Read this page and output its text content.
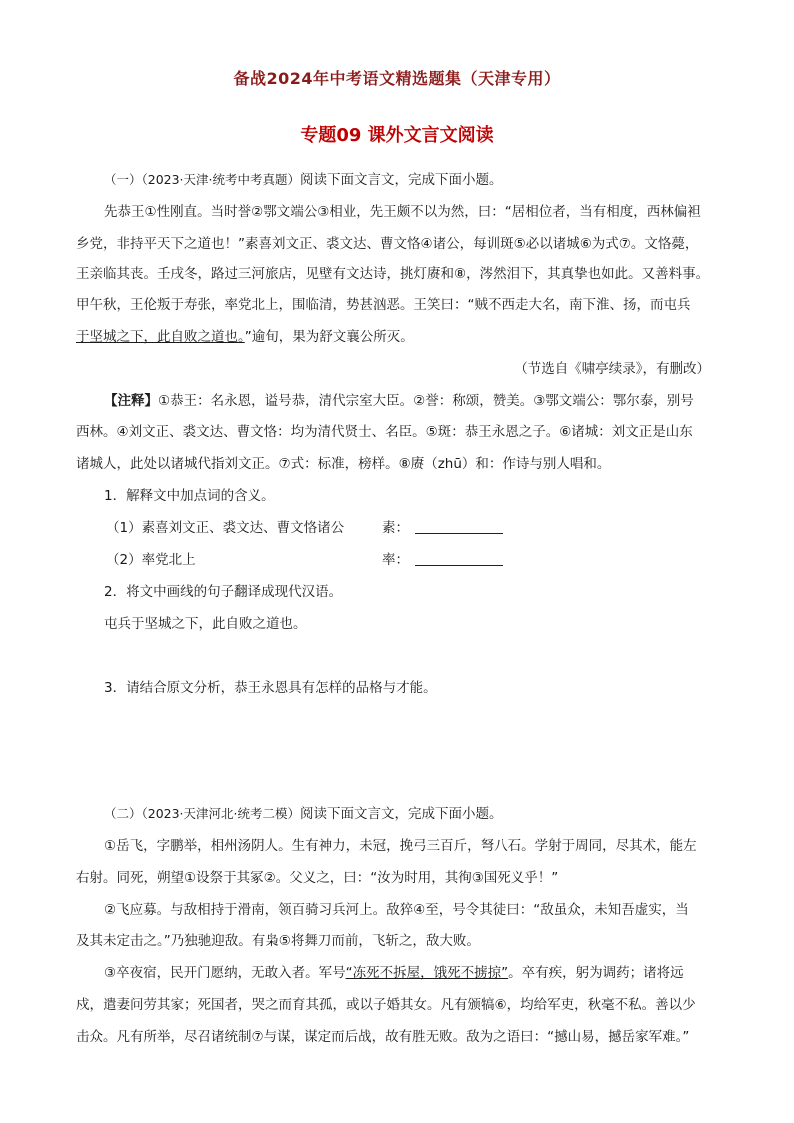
备战2024年中考语文精选题集（天津专用）
专题09 课外文言文阅读
（一）（2023·天津·统考中考真题）阅读下面文言文，完成下面小题。
先恭王①性刚直。当时誉②鄂文端公③相业，先王颇不以为然，曰：“居相位者，当有相度，西林偏袒
乡党，非持平天下之道也！”素喜刘文正、裘文达、曹文恪④诸公，每训斑⑤必以诸城⑥为式⑦。文恪薨，
王亲临其丧。壬戌冬，路过三河旅店，见壁有文达诗，挑灯赓和⑧，涔然泪下，其真挚也如此。又善料事。
甲午秋，王伦叛于寿张，率党北上，围临清，势甚汹恶。王笑曰：“贼不西走大名，南下淮、扬，而屯兵
于坚城之下，此自败之道也。”逾旬，果为舒文襄公所灭。
（节选自《啸亭续录》，有删改）
【注释】①恭王：名永恩，谥号恭，清代宗室大臣。②誉：称颂，赞美。③鄂文端公：鄂尔泰，别号
西林。④刘文正、裘文达、曹文恪：均为清代贤士、名臣。⑤斑：恭王永恩之子。⑥诸城：刘文正是山东
诸城人，此处以诸城代指刘文正。⑦式：标准，榜样。⑧赓（zhū）和：作诗与别人唱和。
1．解释文中加点词的含义。
（1）素喜刘文正、裘文达、曹文恪诸公	素：
（2）率党北上	率：
2．将文中画线的句子翻译成现代汉语。
屯兵于坚城之下，此自败之道也。
3．请结合原文分析，恭王永恩具有怎样的品格与才能。
（二）（2023·天津河北·统考二模）阅读下面文言文，完成下面小题。
①岳飞，字鹏举，相州汤阴人。生有神力，未冠，挽弓三百斤，弩八石。学射于周同，尽其术，能左
右射。同死，朔望①设祭于其冢②。父义之，曰：“汝为时用，其徇③国死义乎！”
②飞应募。与敌相持于滑南，领百骑习兵河上。敌猝④至，号令其徒曰：“敌虽众，未知吾虚实，当
及其未定击之。”乃独驰迎敌。有枭⑤将舞刀而前，飞斩之，敌大败。
③卒夜宿，民开门愿纳，无敢入者。军号“冻死不拆屋，饿死不掳掠”。卒有疾，躬为调药；诸将远
戍，遣妻问劳其家；死国者，哭之而育其孤，或以子婚其女。凡有颁犒⑥，均给军吏，秋毫不私。善以少
击众。凡有所举，尽召诸统制⑦与谋，谋定而后战，故有胜无败。敌为之语曰：“撼山易，撼岳家军难。”
